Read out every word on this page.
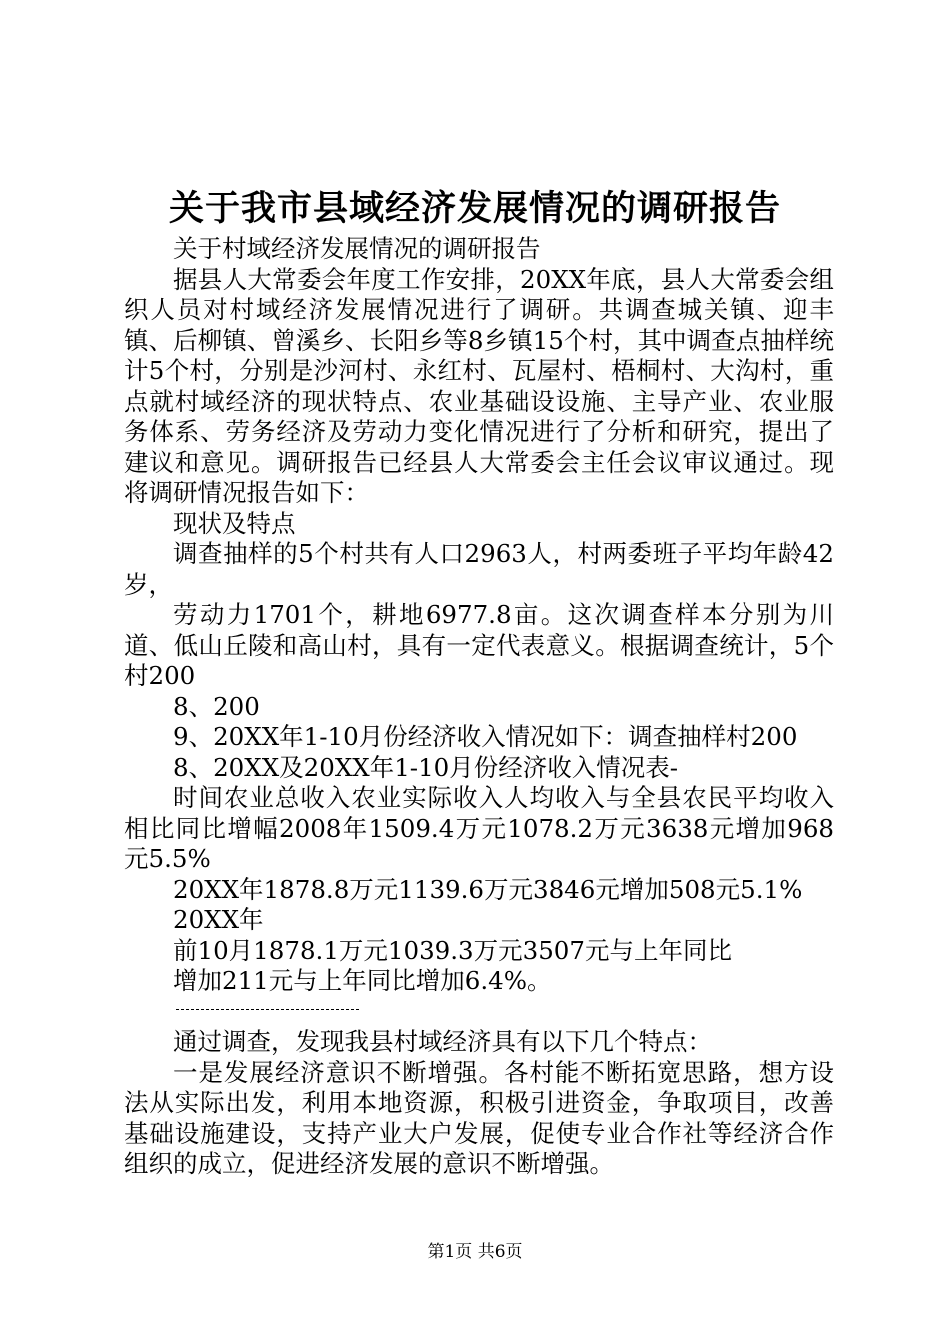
关于我市县域经济发展情况的调研报告

关于村域经济发展情况的调研报告

据县人大常委会年度工作安排，20XX年底，县人大常委会组织人员对村域经济发展情况进行了调研。共调查城关镇、迎丰镇、后柳镇、曾溪乡、长阳乡等8乡镇15个村，其中调查点抽样统计5个村，分别是沙河村、永红村、瓦屋村、梧桐村、大沟村，重点就村域经济的现状特点、农业基础设设施、主导产业、农业服务体系、劳务经济及劳动力变化情况进行了分析和研究，提出了建议和意见。调研报告已经县人大常委会主任会议审议通过。现将调研情况报告如下：

现状及特点

调查抽样的5个村共有人口2963人，村两委班子平均年龄42岁，

劳动力1701个，耕地6977.8亩。这次调查样本分别为川道、低山丘陵和高山村，具有一定代表意义。根据调查统计，5个村200

8、200

9、20XX年1-10月份经济收入情况如下：调查抽样村200

8、20XX及20XX年1-10月份经济收入情况表-

时间农业总收入农业实际收入人均收入与全县农民平均收入相比同比增幅2008年1509.4万元1078.2万元3638元增加968元5.5%

20XX年1878.8万元1139.6万元3846元增加508元5.1%

20XX年

前10月1878.1万元1039.3万元3507元与上年同比

增加211元与上年同比增加6.4%。

通过调查，发现我县村域经济具有以下几个特点：

一是发展经济意识不断增强。各村能不断拓宽思路，想方设法从实际出发，利用本地资源，积极引进资金，争取项目，改善基础设施建设，支持产业大户发展，促使专业合作社等经济合作组织的成立，促进经济发展的意识不断增强。

第1页 共6页
